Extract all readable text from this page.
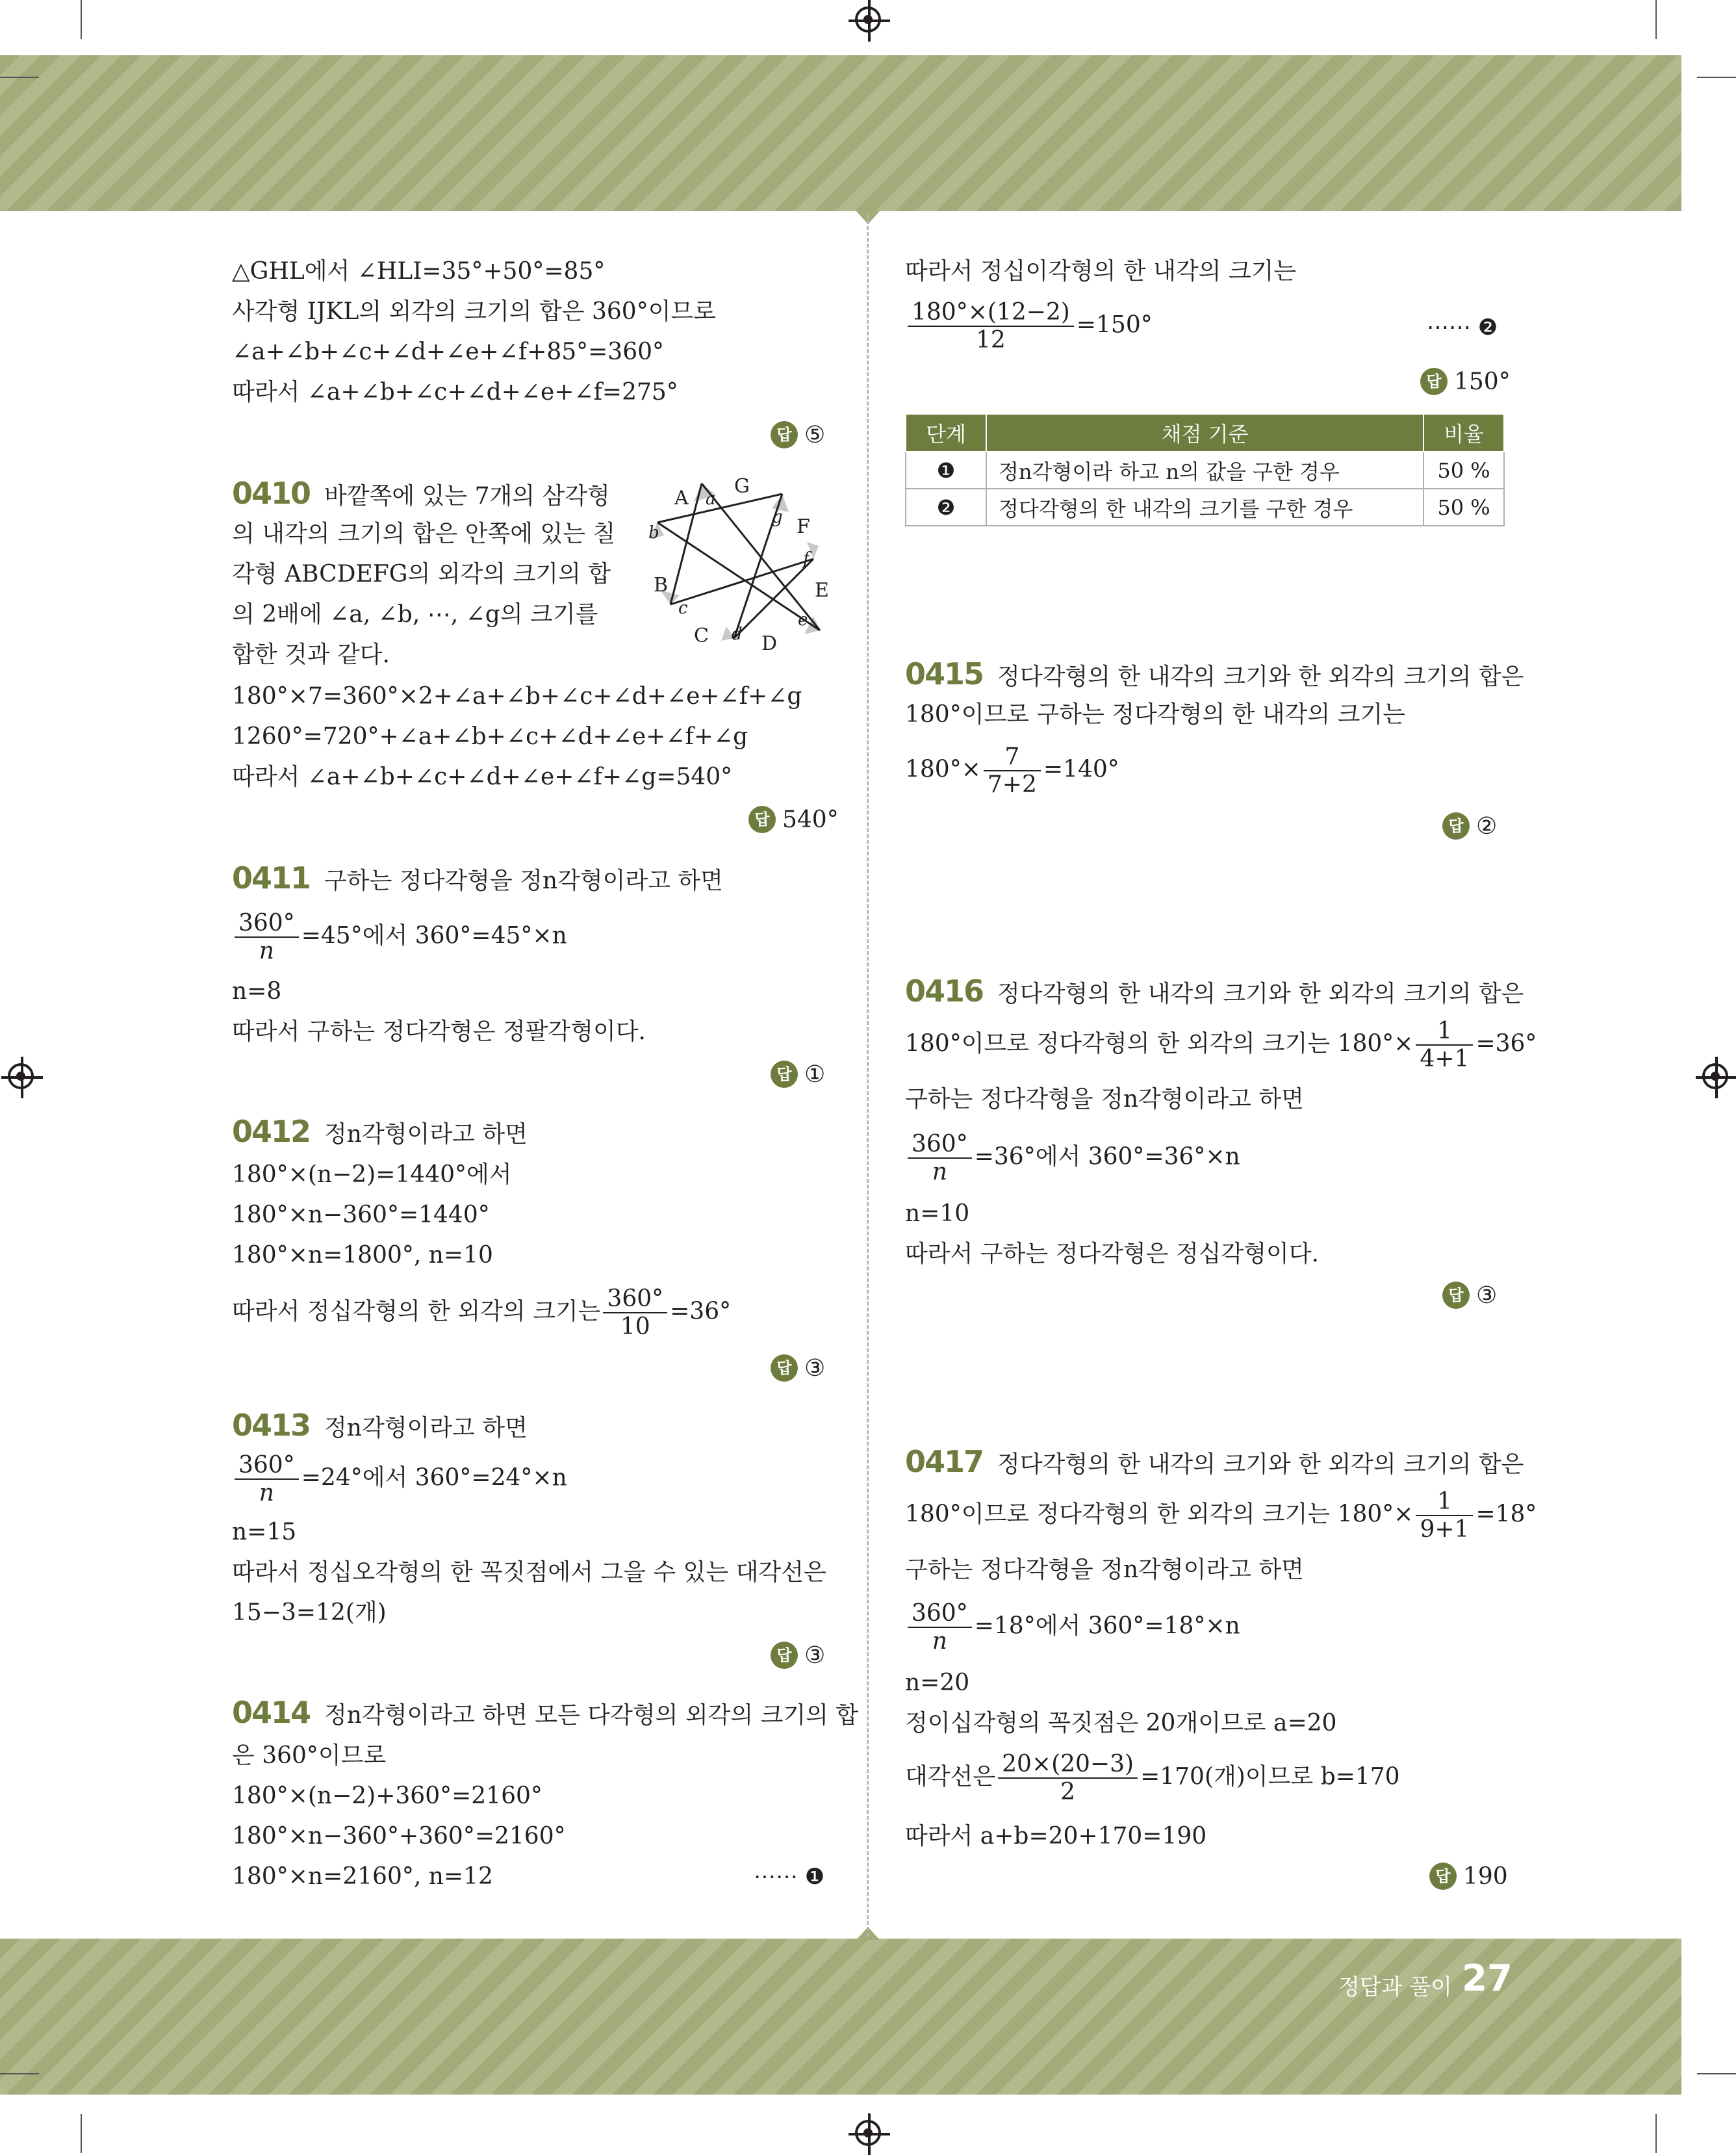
△GHL에서 ∠HLI=35°+50°=85°
사각형 IJKL의 외각의 크기의 합은 360°이므로
∠a+∠b+∠c+∠d+∠e+∠f+85°=360°
따라서 ∠a+∠b+∠c+∠d+∠e+∠f=275°
답 ⑤
0410 바깥쪽에 있는 7개의 삼각형
의 내각의 크기의 합은 안쪽에 있는 칠
각형 ABCDEFG의 외각의 크기의 합
의 2배에 ∠a, ∠b, ⋯, ∠g의 크기를
합한 것과 같다.
180°×7=360°×2+∠a+∠b+∠c+∠d+∠e+∠f+∠g
1260°=720°+∠a+∠b+∠c+∠d+∠e+∠f+∠g
따라서 ∠a+∠b+∠c+∠d+∠e+∠f+∠g=540°
답 540°
A
B
C	D
E
F
G
a
b
c
d
e
f
g
0411 구하는 정다각형을 정n각형이라고 하면
$\frac{360^\circ}{n} =45^\circ$에서 360°=45°×n
n=8
따라서 구하는 정다각형은 정팔각형이다.
답 ①
0412 정n각형이라고 하면
180°×(n−2)=1440°에서
180°×n−360°=1440°
180°×n=1800°, n=10
따라서 정십각형의 한 외각의 크기는 $\frac{360^\circ}{10} =36^\circ$
답 ③
0413 정n각형이라고 하면
$\frac{360^\circ}{n} =24^\circ$에서 360°=24°×n
n=15
따라서 정십오각형의 한 꼭짓점에서 그을 수 있는 대각선은
15−3=12(개)
답 ③
0414 정n각형이라고 하면 모든 다각형의 외각의 크기의 합
은 360°이므로
180°×(n−2)+360°=2160°
180°×n−360°+360°=2160°
180°×n=2160°, n=12	⋯⋯ ❶
따라서 정십이각형의 한 내각의 크기는
$\frac{180^\circ\times(12-2)}{12} =150^\circ$	⋯⋯ ❷
답 150°
단계	채점 기준	비율
❶	정n각형이라 하고 n의 값을 구한 경우	50 %
❷	정다각형의 한 내각의 크기를 구한 경우	50 %
0415 정다각형의 한 내각의 크기와 한 외각의 크기의 합은
180°이므로 구하는 정다각형의 한 내각의 크기는
$180^\circ\times \frac{7}{7+2} =140^\circ$
답 ②
0416 정다각형의 한 내각의 크기와 한 외각의 크기의 합은
180°이므로 정다각형의 한 외각의 크기는 $180^\circ\times \frac{1}{4+1} =36^\circ$
구하는 정다각형을 정n각형이라고 하면
$\frac{360^\circ}{n} =36^\circ$에서 360°=36°×n
n=10
따라서 구하는 정다각형은 정십각형이다.
답 ③
0417 정다각형의 한 내각의 크기와 한 외각의 크기의 합은
180°이므로 정다각형의 한 외각의 크기는 $180^\circ\times \frac{1}{9+1} =18^\circ$
구하는 정다각형을 정n각형이라고 하면
$\frac{360^\circ}{n} =18^\circ$에서 360°=18°×n
n=20
정이십각형의 꼭짓점은 20개이므로 a=20
대각선은 $\frac{20\times(20-3)}{2} =170$(개)이므로 b=170
따라서 a+b=20+170=190
답 190
정답과 풀이 27
